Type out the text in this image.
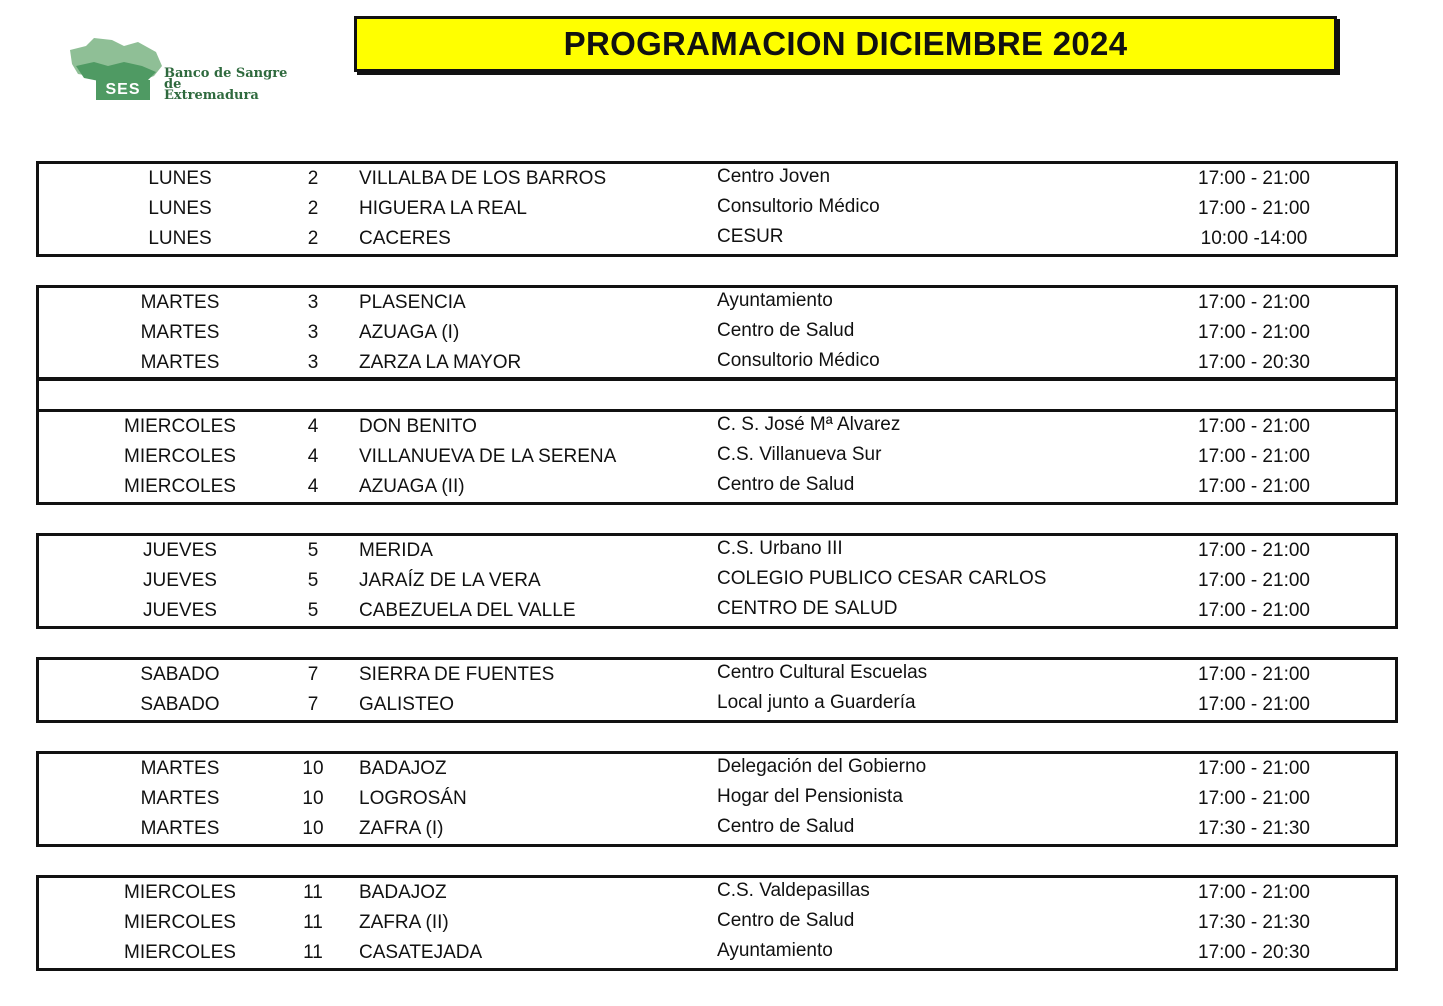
SES
Banco de Sangre
de
Extremadura
PROGRAMACION DICIEMBRE 2024
LUNES	2	VILLALBA DE LOS BARROS	Centro Joven	17:00 - 21:00
LUNES	2	HIGUERA LA REAL	Consultorio Médico	17:00 - 21:00
LUNES	2	CACERES	CESUR	10:00 -14:00
MARTES	3	PLASENCIA	Ayuntamiento	17:00 - 21:00
MARTES	3	AZUAGA (I)	Centro de Salud	17:00 - 21:00
MARTES	3	ZARZA LA MAYOR	Consultorio Médico	17:00 - 20:30
MIERCOLES	4	DON BENITO	C. S. José Mª Alvarez	17:00 - 21:00
MIERCOLES	4	VILLANUEVA DE LA SERENA	C.S. Villanueva Sur	17:00 - 21:00
MIERCOLES	4	AZUAGA (II)	Centro de Salud	17:00 - 21:00
JUEVES	5	MERIDA	C.S. Urbano III	17:00 - 21:00
JUEVES	5	JARAÍZ DE LA VERA	COLEGIO PUBLICO CESAR CARLOS	17:00 - 21:00
JUEVES	5	CABEZUELA DEL VALLE	CENTRO DE SALUD	17:00 - 21:00
SABADO	7	SIERRA DE FUENTES	Centro Cultural Escuelas	17:00 - 21:00
SABADO	7	GALISTEO	Local junto a Guardería	17:00 - 21:00
MARTES	10	BADAJOZ	Delegación del Gobierno	17:00 - 21:00
MARTES	10	LOGROSÁN	Hogar del Pensionista	17:00 - 21:00
MARTES	10	ZAFRA (I)	Centro de Salud	17:30 - 21:30
MIERCOLES	11	BADAJOZ	C.S. Valdepasillas	17:00 - 21:00
MIERCOLES	11	ZAFRA (II)	Centro de Salud	17:30 - 21:30
MIERCOLES	11	CASATEJADA	Ayuntamiento	17:00 - 20:30
